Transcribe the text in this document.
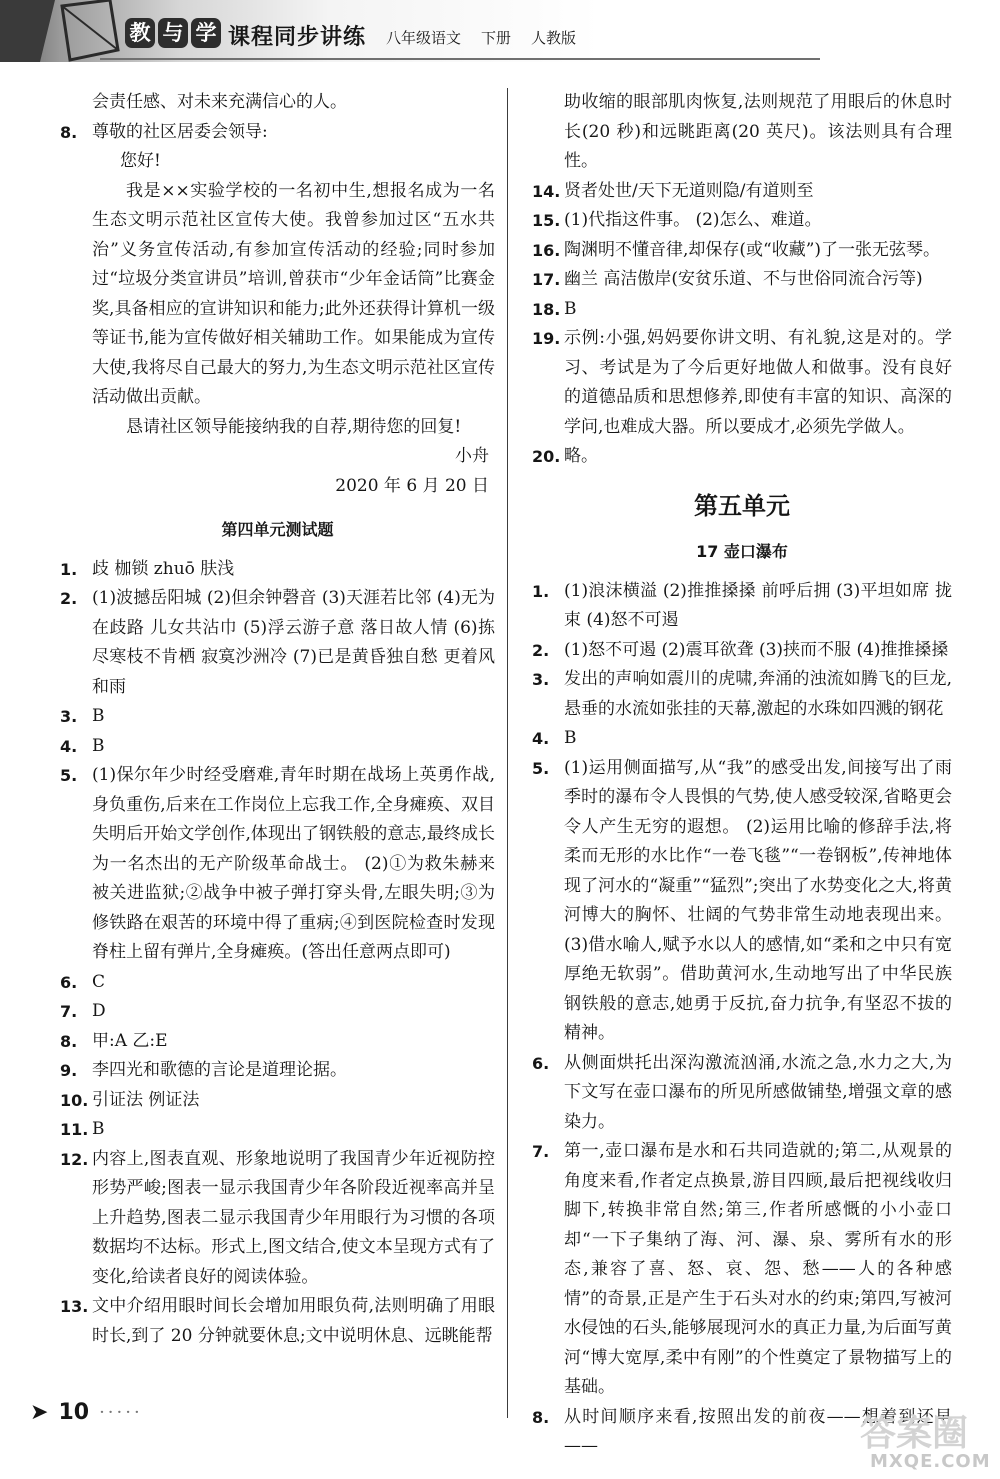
教 与 学 课程同步讲练 八年级语文 下册 人教版

会责任感、对未来充满信心的人。

8. 尊敬的社区居委会领导:

您好!

我是××实验学校的一名初中生,想报名成为一名生态文明示范社区宣传大使。我曾参加过区“五水共治”义务宣传活动,有参加宣传活动的经验;同时参加过“垃圾分类宣讲员”培训,曾获市“少年金话筒”比赛金奖,具备相应的宣讲知识和能力;此外还获得计算机一级等证书,能为宣传做好相关辅助工作。如果能成为宣传大使,我将尽自己最大的努力,为生态文明示范社区宣传活动做出贡献。

恳请社区领导能接纳我的自荐,期待您的回复!

小舟

2020 年 6 月 20 日

第四单元测试题
1. 歧 枷锁 zhuō 肤浅
2. (1)波撼岳阳城 (2)但余钟磬音 (3)天涯若比邻 (4)无为在歧路 儿女共沾巾 (5)浮云游子意 落日故人情 (6)拣尽寒枝不肯栖 寂寞沙洲冷 (7)已是黄昏独自愁 更着风和雨
3. B
4. B
5. (1)保尔年少时经受磨难,青年时期在战场上英勇作战,身负重伤,后来在工作岗位上忘我工作,全身瘫痪、双目失明后开始文学创作,体现出了钢铁般的意志,最终成长为一名杰出的无产阶级革命战士。 (2)①为救朱赫来被关进监狱;②战争中被子弹打穿头骨,左眼失明;③为修铁路在艰苦的环境中得了重病;④到医院检查时发现脊柱上留有弹片,全身瘫痪。(答出任意两点即可)
6. C
7. D
8. 甲:A 乙:E
9. 李四光和歌德的言论是道理论据。
10. 引证法 例证法
11. B
12. 内容上,图表直观、形象地说明了我国青少年近视防控形势严峻;图表一显示我国青少年各阶段近视率高并呈上升趋势,图表二显示我国青少年用眼行为习惯的各项数据均不达标。形式上,图文结合,使文本呈现方式有了变化,给读者良好的阅读体验。
13. 文中介绍用眼时间长会增加用眼负荷,法则明确了用眼时长,到了 20 分钟就要休息;文中说明休息、远眺能帮

助收缩的眼部肌肉恢复,法则规范了用眼后的休息时长(20 秒)和远眺距离(20 英尺)。该法则具有合理性。

14. 贤者处世/天下无道则隐/有道则至
15. (1)代指这件事。 (2)怎么、难道。
16. 陶渊明不懂音律,却保存(或“收藏”)了一张无弦琴。
17. 幽兰 高洁傲岸(安贫乐道、不与世俗同流合污等)
18. B
19. 示例:小强,妈妈要你讲文明、有礼貌,这是对的。学习、考试是为了今后更好地做人和做事。没有良好的道德品质和思想修养,即使有丰富的知识、高深的学问,也难成大器。所以要成才,必须先学做人。
20. 略。
第五单元
17 壶口瀑布
1. (1)浪沫横溢 (2)推推搡搡 前呼后拥 (3)平坦如席 拢 束 (4)怒不可遏
2. (1)怒不可遏 (2)震耳欲聋 (3)挟而不服 (4)推推搡搡
3. 发出的声响如震川的虎啸,奔涌的浊流如腾飞的巨龙,悬垂的水流如张挂的天幕,激起的水珠如四溅的钢花
4. B
5. (1)运用侧面描写,从“我”的感受出发,间接写出了雨季时的瀑布令人畏惧的气势,使人感受较深,省略更会令人产生无穷的遐想。 (2)运用比喻的修辞手法,将柔而无形的水比作“一卷飞毯”“一卷钢板”,传神地体现了河水的“凝重”“猛烈”;突出了水势变化之大,将黄河博大的胸怀、壮阔的气势非常生动地表现出来。 (3)借水喻人,赋予水以人的感情,如“柔和之中只有宽厚绝无软弱”。借助黄河水,生动地写出了中华民族钢铁般的意志,她勇于反抗,奋力抗争,有坚忍不拔的精神。
6. 从侧面烘托出深沟激流汹涌,水流之急,水力之大,为下文写在壶口瀑布的所见所感做铺垫,增强文章的感染力。
7. 第一,壶口瀑布是水和石共同造就的;第二,从观景的角度来看,作者定点换景,游目四顾,最后把视线收归脚下,转换非常自然;第三,作者所感慨的小小壶口却“一下子集纳了海、河、瀑、泉、雾所有水的形态,兼容了喜、怒、哀、怨、愁——人的各种感情”的奇景,正是产生于石头对水的约束;第四,写被河水侵蚀的石头,能够展现河水的真正力量,为后面写黄河“博大宽厚,柔中有刚”的个性奠定了景物描写上的基础。
8. 从时间顺序来看,按照出发的前夜——想着到还早——
➤ 10 ·····
答案圈
MXQE.COM
